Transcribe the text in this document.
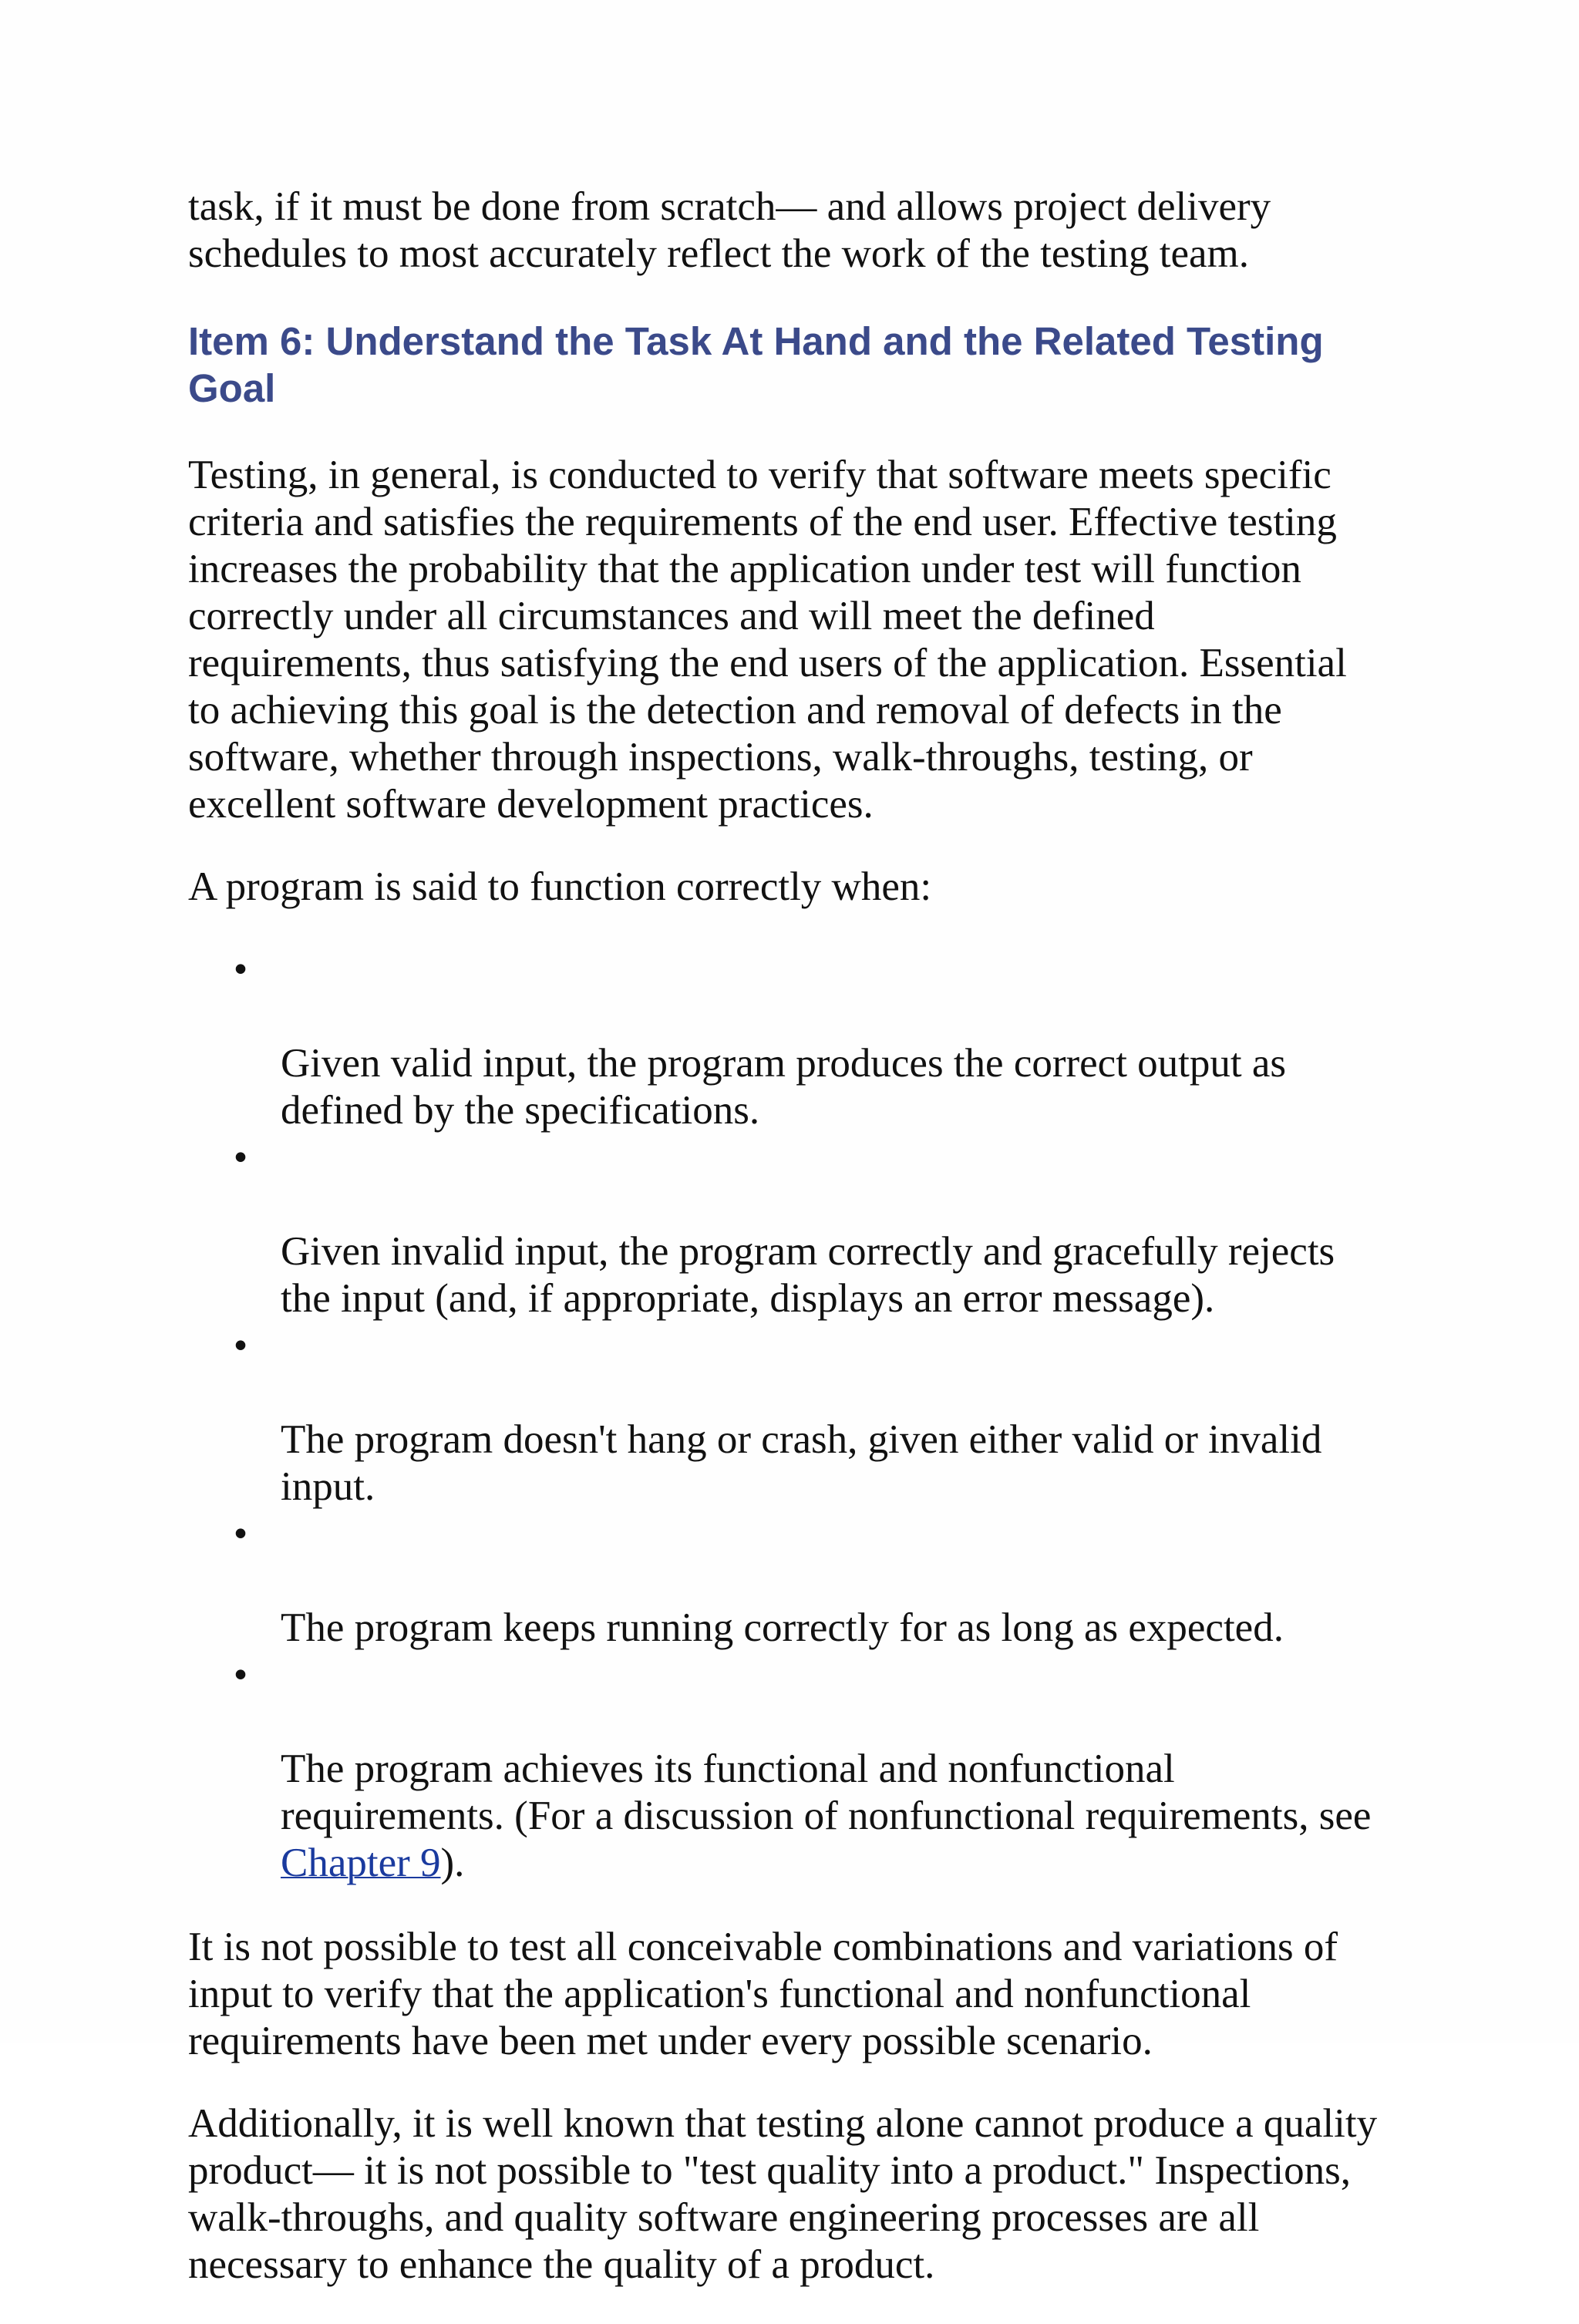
task, if it must be done from scratch— and allows project delivery
schedules to most accurately reflect the work of the testing team.

Item 6: Understand the Task At Hand and the Related Testing
Goal

Testing, in general, is conducted to verify that software meets specific
criteria and satisfies the requirements of the end user. Effective testing
increases the probability that the application under test will function
correctly under all circumstances and will meet the defined
requirements, thus satisfying the end users of the application. Essential
to achieving this goal is the detection and removal of defects in the
software, whether through inspections, walk-throughs, testing, or
excellent software development practices.

A program is said to function correctly when:

•

Given valid input, the program produces the correct output as
defined by the specifications.

•

Given invalid input, the program correctly and gracefully rejects
the input (and, if appropriate, displays an error message).

•

The program doesn't hang or crash, given either valid or invalid
input.

•

The program keeps running correctly for as long as expected.

•

The program achieves its functional and nonfunctional
requirements. (For a discussion of nonfunctional requirements, see
Chapter 9).

It is not possible to test all conceivable combinations and variations of
input to verify that the application's functional and nonfunctional
requirements have been met under every possible scenario.

Additionally, it is well known that testing alone cannot produce a quality
product— it is not possible to "test quality into a product." Inspections,
walk-throughs, and quality software engineering processes are all
necessary to enhance the quality of a product.
